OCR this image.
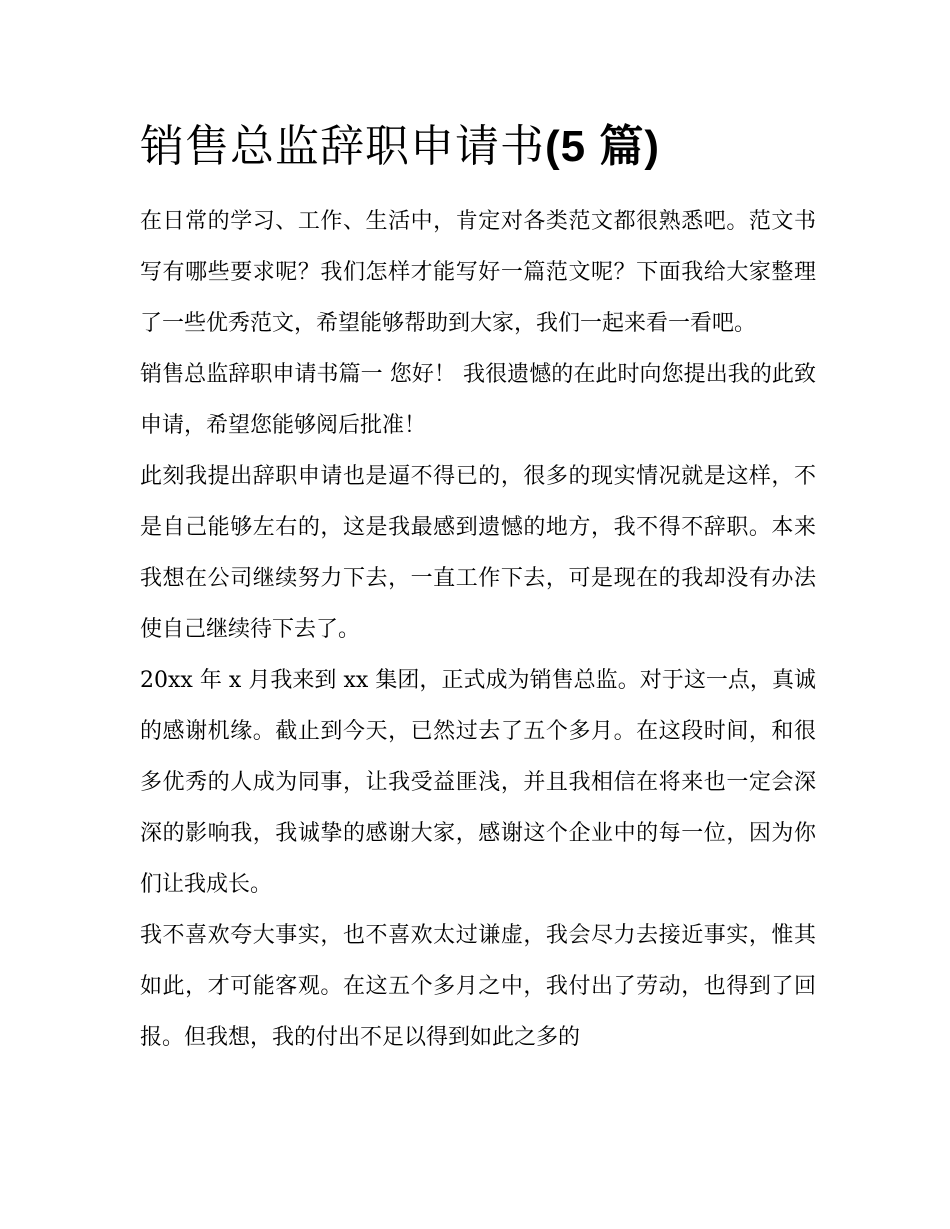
销售总监辞职申请书(5 篇)

在日常的学习、工作、生活中，肯定对各类范文都很熟悉吧。范文书写有哪些要求呢？我们怎样才能写好一篇范文呢？下面我给大家整理了一些优秀范文，希望能够帮助到大家，我们一起来看一看吧。

销售总监辞职申请书篇一 您好！ 我很遗憾的在此时向您提出我的此致申请，希望您能够阅后批准！

此刻我提出辞职申请也是逼不得已的，很多的现实情况就是这样，不是自己能够左右的，这是我最感到遗憾的地方，我不得不辞职。本来我想在公司继续努力下去，一直工作下去，可是现在的我却没有办法使自己继续待下去了。

20xx 年 x 月我来到 xx 集团，正式成为销售总监。对于这一点，真诚的感谢机缘。截止到今天，已然过去了五个多月。在这段时间，和很多优秀的人成为同事，让我受益匪浅，并且我相信在将来也一定会深深的影响我，我诚挚的感谢大家，感谢这个企业中的每一位，因为你们让我成长。

我不喜欢夸大事实，也不喜欢太过谦虚，我会尽力去接近事实，惟其如此，才可能客观。在这五个多月之中，我付出了劳动，也得到了回报。但我想，我的付出不足以得到如此之多的
